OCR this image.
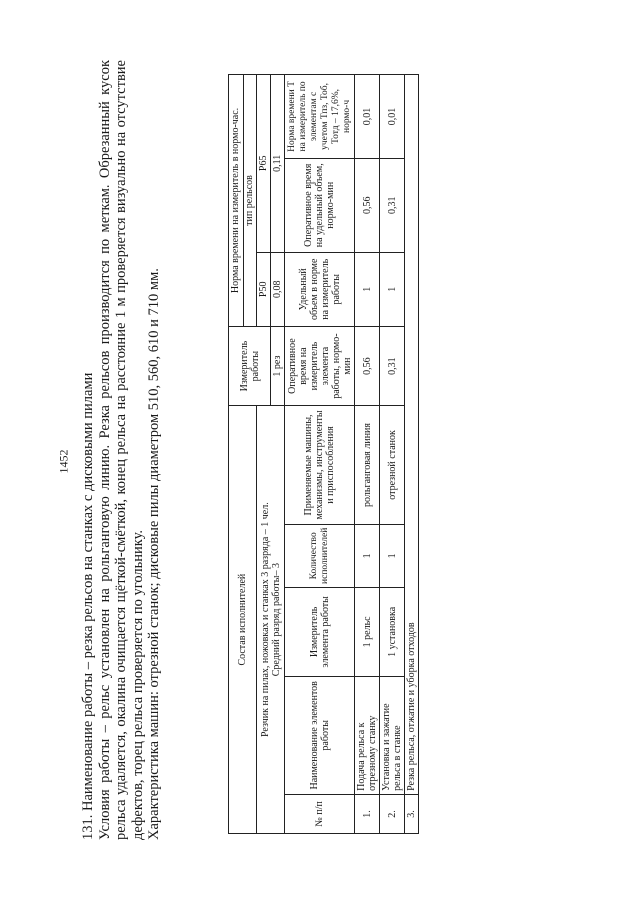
1452 131. Наименование работы – резка рельсов на станках с дисковыми пилами Условия работы – рельс установлен на рольганговую линию. Резка рельсов производится по меткам. Обрезанный кусок рельса удаляется, окалина очищается щёткой-смёткой, конец рельса на расстояние 1 м проверяется визуально на отсутствие дефектов, торец рельса проверяется по угольнику. Характеристика машин: отрезной станок; дисковые пилы диаметром 510, 560, 610 и 710 мм.	Состав исполнителей					Измеритель работы	Норма времени на измеритель в нормо-час. тип рельсов		

Резчик на пилах, ножовках и станках 3 разряда – 1 чел. Средний разряд работы– 3						Р50	Р65	
					1 рез	0,08	0,11	
№ п/п	Наименование элементов работы	Измеритель элемента работы	Количество исполнителей	Применяемые машины, механизмы, инструменты и приспособления	Оперативное время на измеритель элемента работы, нормо-мин	Удельный объем в норме на измеритель работы	Оперативное время на удельный объем, нормо-мин	Норма времени Т на измеритель по элементам с учетом Тпз, Тоб, Тотд – 17,6%, нормо-ч
1.	Подача рельса к отрезному станку	1 рельс	1	рольганговая линия	0,56	1	0,56	0,01
2.	Установка и зажатие рельса в станке	1 установка	1	отрезной станок	0,31	1	0,31	0,01
3.	Резка рельса, отжатие и уборка отходов							
